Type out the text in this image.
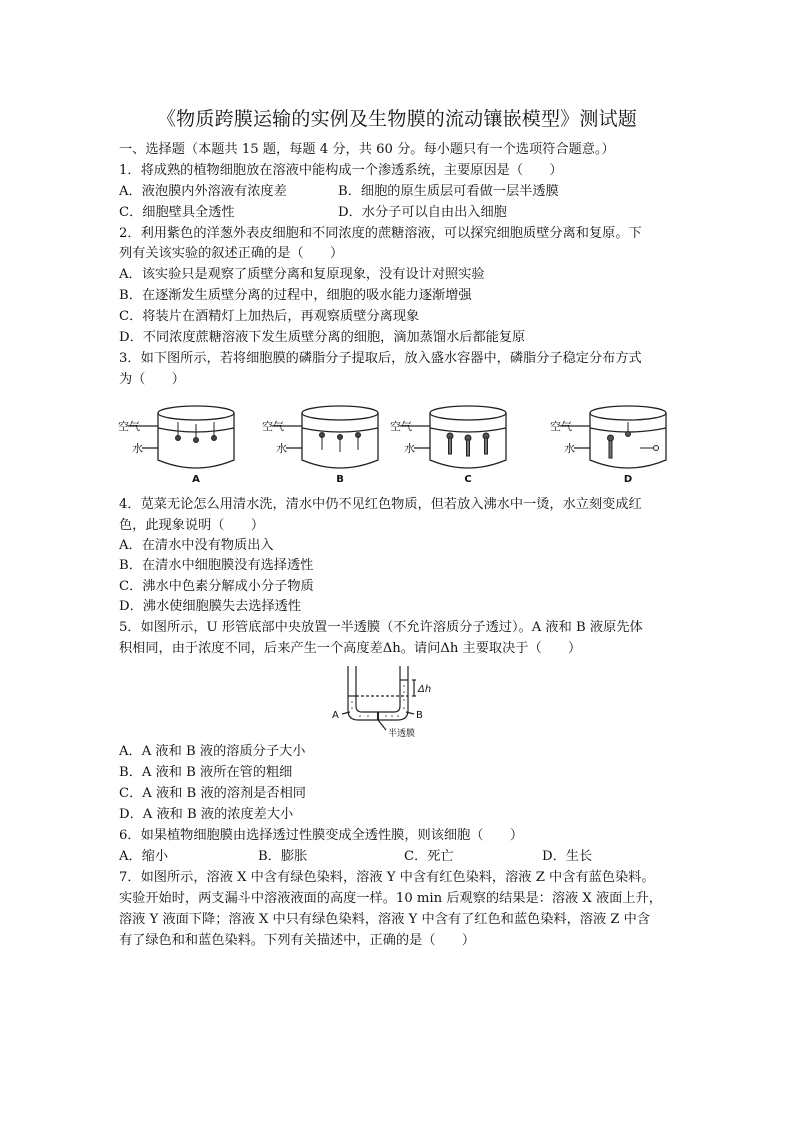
《物质跨膜运输的实例及生物膜的流动镶嵌模型》测试题
一、选择题（本题共 15 题，每题 4 分，共 60 分。每小题只有一个选项符合题意。）
1．将成熟的植物细胞放在溶液中能构成一个渗透系统，主要原因是（　　）
A．液泡膜内外溶液有浓度差	B．细胞的原生质层可看做一层半透膜
C．细胞壁具全透性	D．水分子可以自由出入细胞
2．利用紫色的洋葱外表皮细胞和不同浓度的蔗糖溶液，可以探究细胞质壁分离和复原。下
列有关该实验的叙述正确的是（　　）
A．该实验只是观察了质壁分离和复原现象，没有设计对照实验
B．在逐渐发生质壁分离的过程中，细胞的吸水能力逐渐增强
C．将装片在酒精灯上加热后，再观察质壁分离现象
D．不同浓度蔗糖溶液下发生质壁分离的细胞，滴加蒸馏水后都能复原
3．如下图所示，若将细胞膜的磷脂分子提取后，放入盛水容器中，磷脂分子稳定分布方式
为（　　）
空气
水
空气
水
空气
水
空气
水
A	B	C	D
4．苋菜无论怎么用清水洗，清水中仍不见红色物质，但若放入沸水中一烫，水立刻变成红
色，此现象说明（　　）
A．在清水中没有物质出入
B．在清水中细胞膜没有选择透性
C．沸水中色素分解成小分子物质
D．沸水使细胞膜失去选择透性
5．如图所示，U 形管底部中央放置一半透膜（不允许溶质分子透过）。A 液和 B 液原先体
积相同，由于浓度不同，后来产生一个高度差Δh。请问Δh 主要取决于（　　）
Δh
A	B
半透膜
A．A 液和 B 液的溶质分子大小
B．A 液和 B 液所在管的粗细
C．A 液和 B 液的溶剂是否相同
D．A 液和 B 液的浓度差大小
6．如果植物细胞膜由选择透过性膜变成全透性膜，则该细胞（　　）
A．缩小	B．膨胀	C．死亡	D．生长
7．如图所示，溶液 X 中含有绿色染料，溶液 Y 中含有红色染料，溶液 Z 中含有蓝色染料。
实验开始时，两支漏斗中溶液液面的高度一样。10 min 后观察的结果是：溶液 X 液面上升，
溶液 Y 液面下降；溶液 X 中只有绿色染料，溶液 Y 中含有了红色和蓝色染料，溶液 Z 中含
有了绿色和和蓝色染料。下列有关描述中，正确的是（　　）
